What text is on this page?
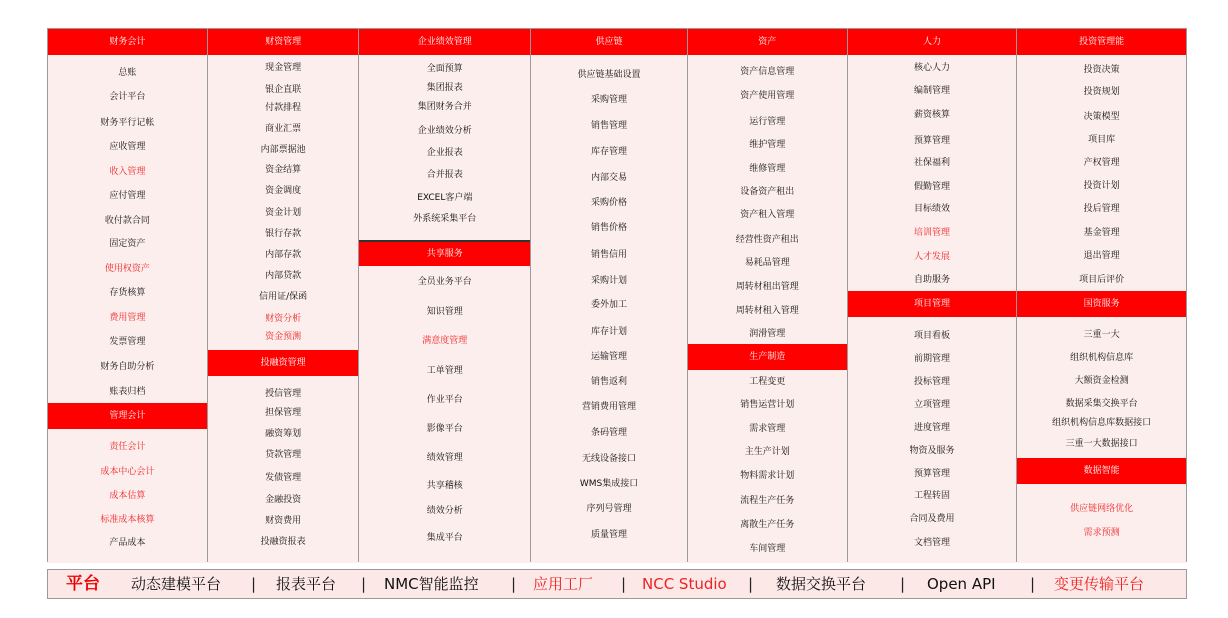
财务会计
总账
会计平台
财务平行记帐
应收管理
收入管理
应付管理
收付款合同
固定资产
使用权资产
存货核算
费用管理
发票管理
财务自助分析
账表归档
管理会计
责任会计
成本中心会计
成本估算
标准成本核算
产品成本
财资管理
现金管理
银企直联
付款排程
商业汇票
内部票据池
资金结算
资金调度
资金计划
银行存款
内部存款
内部贷款
信用证/保函
财资分析
资金预测
投融资管理
授信管理
担保管理
融资筹划
贷款管理
发债管理
金融投资
财资费用
投融资报表
企业绩效管理
全面预算
集团报表
集团财务合并
企业绩效分析
企业报表
合并报表
EXCEL客户端
外系统采集平台
共享服务
全员业务平台
知识管理
满意度管理
工单管理
作业平台
影像平台
绩效管理
共享稽核
绩效分析
集成平台
供应链
供应链基础设置
采购管理
销售管理
库存管理
内部交易
采购价格
销售价格
销售信用
采购计划
委外加工
库存计划
运输管理
销售返利
营销费用管理
条码管理
无线设备接口
WMS集成接口
序列号管理
质量管理
资产
资产信息管理
资产使用管理
运行管理
维护管理
维修管理
设备资产租出
资产租入管理
经营性资产租出
易耗品管理
周转材租出管理
周转材租入管理
润滑管理
生产制造
工程变更
销售运营计划
需求管理
主生产计划
物料需求计划
流程生产任务
离散生产任务
车间管理
人力
核心人力
编制管理
薪资核算
预算管理
社保福利
假勤管理
目标绩效
培训管理
人才发展
自助服务
项目管理
项目看板
前期管理
投标管理
立项管理
进度管理
物资及服务
预算管理
工程转固
合同及费用
文档管理
投资管理能
投资决策
投资规划
决策模型
项目库
产权管理
投资计划
投后管理
基金管理
退出管理
项目后评价
国资服务
三重一大
组织机构信息库
大额资金检测
数据采集交换平台
组织机构信息库数据接口
三重一大数据接口
数据智能
供应链网络优化
需求预测
平台 动态建模平台	报表平台	NMC智能监控	应用工厂	NCC Studio	数据交换平台	Open API	变更传输平台
|	|	|	|	|	|	|
